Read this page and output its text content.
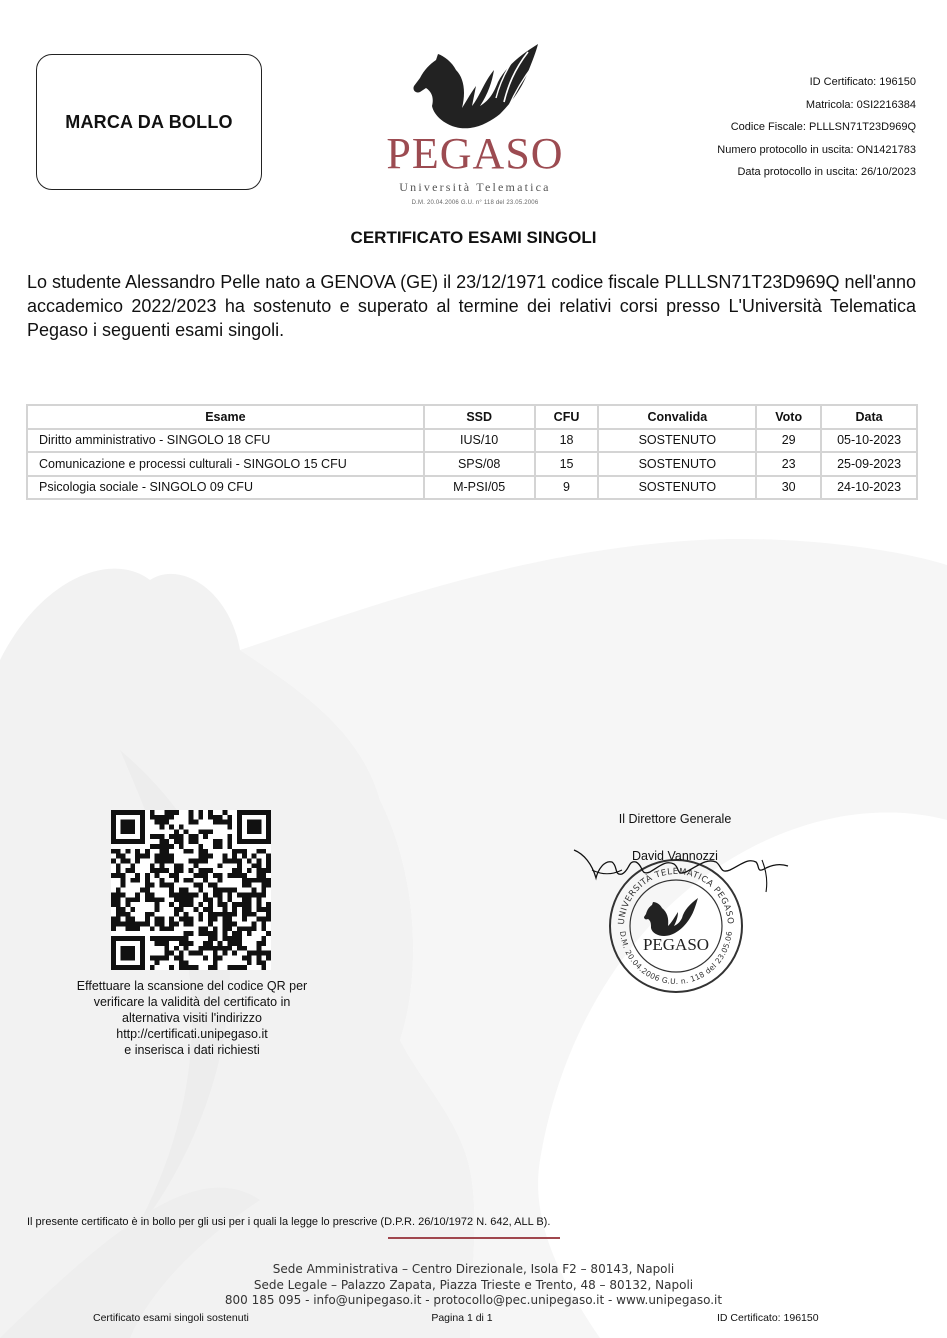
MARCA DA BOLLO
PEGASO
Università Telematica
D.M. 20.04.2006 G.U. n° 118 del 23.05.2006
ID Certificato: 196150
Matricola: 0SI2216384
Codice Fiscale: PLLLSN71T23D969Q
Numero protocollo in uscita: ON1421783
Data protocollo in uscita: 26/10/2023
CERTIFICATO ESAMI SINGOLI
Lo studente Alessandro Pelle nato a GENOVA (GE) il 23/12/1971 codice fiscale PLLLSN71T23D969Q nell'anno accademico 2022/2023 ha sostenuto e superato al termine dei relativi corsi presso L'Università Telematica Pegaso i seguenti esami singoli.
Esame	SSD	CFU	Convalida	Voto	Data
Diritto amministrativo - SINGOLO 18 CFU	IUS/10	18	SOSTENUTO	29	05-10-2023
Comunicazione e processi culturali - SINGOLO 15 CFU	SPS/08	15	SOSTENUTO	23	25-09-2023
Psicologia sociale - SINGOLO 09 CFU	M-PSI/05	9	SOSTENUTO	30	24-10-2023
Effettuare la scansione del codice QR per
verificare la validità del certificato in
alternativa visiti l'indirizzo
http://certificati.unipegaso.it
e inserisca i dati richiesti
Il Direttore Generale
UNIVERSITÀ TELEMATICA PEGASO
D.M. 20.04.2006 G.U. n. 118 del 23.05.06
PEGASO
David Vannozzi
Il presente certificato è in bollo per gli usi per i quali la legge lo prescrive (D.P.R. 26/10/1972 N. 642, ALL B).
Sede Amministrativa – Centro Direzionale, Isola F2 – 80143, Napoli
Sede Legale – Palazzo Zapata, Piazza Trieste e Trento, 48 – 80132, Napoli
800 185 095 - info@unipegaso.it - protocollo@pec.unipegaso.it - www.unipegaso.it
Certificato esami singoli sostenuti	Pagina 1 di 1	ID Certificato: 196150
